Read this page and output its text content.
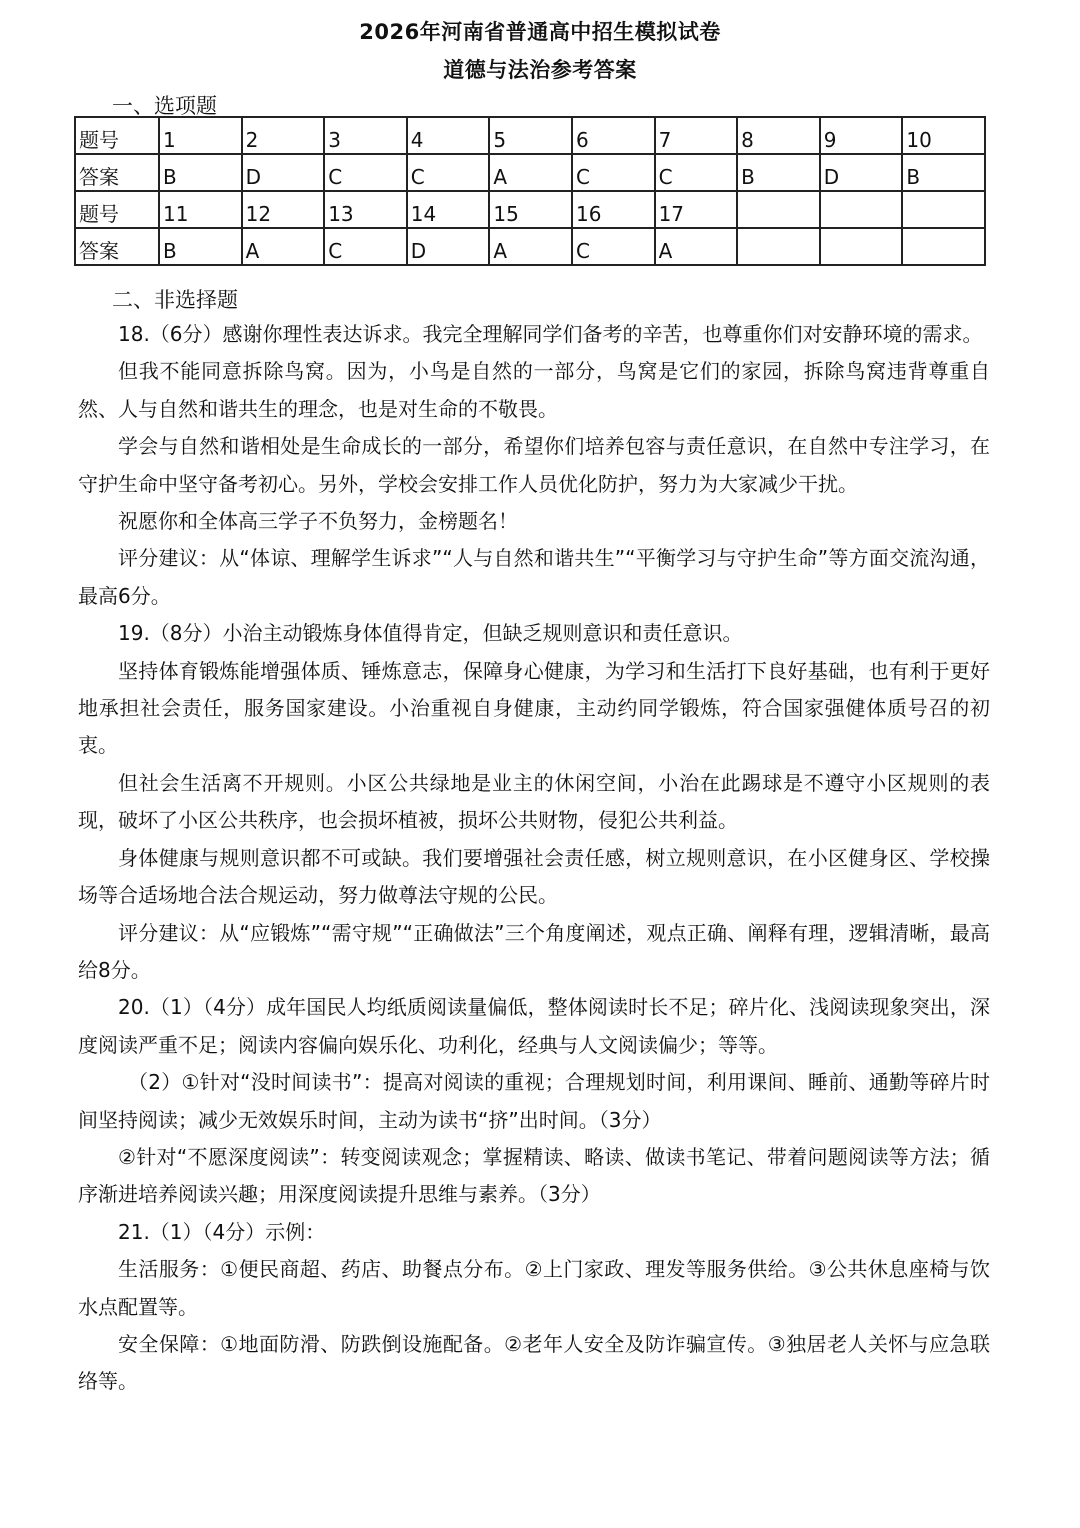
2026年河南省普通高中招生模拟试卷
道德与法治参考答案
一、选项题
题号	1	2	3	4	5	6	7	8	9	10
答案	B	D	C	C	A	C	C	B	D	B
题号	11	12	13	14	15	16	17			
答案	B	A	C	D	A	C	A			
二、非选择题

18.（6分）感谢你理性表达诉求。我完全理解同学们备考的辛苦，也尊重你们对安静环境的需求。

但我不能同意拆除鸟窝。因为，小鸟是自然的一部分，鸟窝是它们的家园，拆除鸟窝违背尊重自然、人与自然和谐共生的理念，也是对生命的不敬畏。

学会与自然和谐相处是生命成长的一部分，希望你们培养包容与责任意识，在自然中专注学习，在守护生命中坚守备考初心。另外，学校会安排工作人员优化防护，努力为大家减少干扰。

祝愿你和全体高三学子不负努力，金榜题名！

评分建议：从“体谅、理解学生诉求”“人与自然和谐共生”“平衡学习与守护生命”等方面交流沟通，最高6分。

19.（8分）小治主动锻炼身体值得肯定，但缺乏规则意识和责任意识。

坚持体育锻炼能增强体质、锤炼意志，保障身心健康，为学习和生活打下良好基础，也有利于更好地承担社会责任，服务国家建设。小治重视自身健康，主动约同学锻炼，符合国家强健体质号召的初衷。

但社会生活离不开规则。小区公共绿地是业主的休闲空间，小治在此踢球是不遵守小区规则的表现，破坏了小区公共秩序，也会损坏植被，损坏公共财物，侵犯公共利益。

身体健康与规则意识都不可或缺。我们要增强社会责任感，树立规则意识，在小区健身区、学校操场等合适场地合法合规运动，努力做尊法守规的公民。

评分建议：从“应锻炼”“需守规”“正确做法”三个角度阐述，观点正确、阐释有理，逻辑清晰，最高给8分。

20.（1）（4分）成年国民人均纸质阅读量偏低，整体阅读时长不足；碎片化、浅阅读现象突出，深度阅读严重不足；阅读内容偏向娱乐化、功利化，经典与人文阅读偏少；等等。

（2）①针对“没时间读书”：提高对阅读的重视；合理规划时间，利用课间、睡前、通勤等碎片时间坚持阅读；减少无效娱乐时间，主动为读书“挤”出时间。（3分）

②针对“不愿深度阅读”：转变阅读观念；掌握精读、略读、做读书笔记、带着问题阅读等方法；循序渐进培养阅读兴趣；用深度阅读提升思维与素养。（3分）

21.（1）（4分）示例：

生活服务：①便民商超、药店、助餐点分布。②上门家政、理发等服务供给。③公共休息座椅与饮水点配置等。

安全保障：①地面防滑、防跌倒设施配备。②老年人安全及防诈骗宣传。③独居老人关怀与应急联络等。
